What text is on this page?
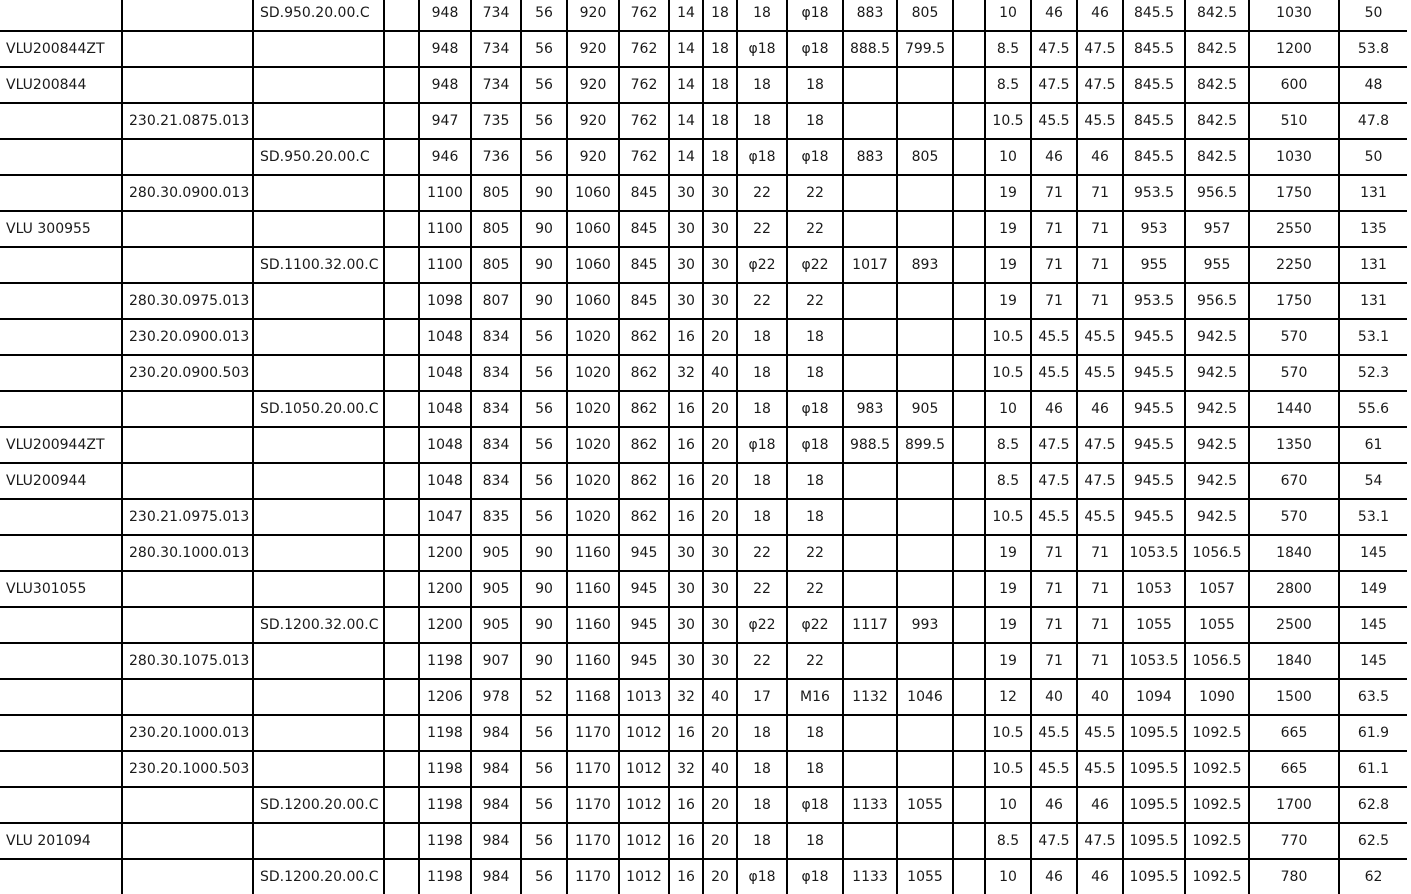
		SD.950.20.00.C		948	734	56	920	762	14	18	18	φ18	883	805		10	46	46	845.5	842.5	1030	50
VLU200844ZT				948	734	56	920	762	14	18	φ18	φ18	888.5	799.5		8.5	47.5	47.5	845.5	842.5	1200	53.8
VLU200844				948	734	56	920	762	14	18	18	18				8.5	47.5	47.5	845.5	842.5	600	48
	230.21.0875.013			947	735	56	920	762	14	18	18	18				10.5	45.5	45.5	845.5	842.5	510	47.8
		SD.950.20.00.C		946	736	56	920	762	14	18	φ18	φ18	883	805		10	46	46	845.5	842.5	1030	50
	280.30.0900.013			1100	805	90	1060	845	30	30	22	22				19	71	71	953.5	956.5	1750	131
VLU 300955				1100	805	90	1060	845	30	30	22	22				19	71	71	953	957	2550	135
		SD.1100.32.00.C		1100	805	90	1060	845	30	30	φ22	φ22	1017	893		19	71	71	955	955	2250	131
	280.30.0975.013			1098	807	90	1060	845	30	30	22	22				19	71	71	953.5	956.5	1750	131
	230.20.0900.013			1048	834	56	1020	862	16	20	18	18				10.5	45.5	45.5	945.5	942.5	570	53.1
	230.20.0900.503			1048	834	56	1020	862	32	40	18	18				10.5	45.5	45.5	945.5	942.5	570	52.3
		SD.1050.20.00.C		1048	834	56	1020	862	16	20	18	φ18	983	905		10	46	46	945.5	942.5	1440	55.6
VLU200944ZT				1048	834	56	1020	862	16	20	φ18	φ18	988.5	899.5		8.5	47.5	47.5	945.5	942.5	1350	61
VLU200944				1048	834	56	1020	862	16	20	18	18				8.5	47.5	47.5	945.5	942.5	670	54
	230.21.0975.013			1047	835	56	1020	862	16	20	18	18				10.5	45.5	45.5	945.5	942.5	570	53.1
	280.30.1000.013			1200	905	90	1160	945	30	30	22	22				19	71	71	1053.5	1056.5	1840	145
VLU301055				1200	905	90	1160	945	30	30	22	22				19	71	71	1053	1057	2800	149
		SD.1200.32.00.C		1200	905	90	1160	945	30	30	φ22	φ22	1117	993		19	71	71	1055	1055	2500	145
	280.30.1075.013			1198	907	90	1160	945	30	30	22	22				19	71	71	1053.5	1056.5	1840	145
				1206	978	52	1168	1013	32	40	17	M16	1132	1046		12	40	40	1094	1090	1500	63.5
	230.20.1000.013			1198	984	56	1170	1012	16	20	18	18				10.5	45.5	45.5	1095.5	1092.5	665	61.9
	230.20.1000.503			1198	984	56	1170	1012	32	40	18	18				10.5	45.5	45.5	1095.5	1092.5	665	61.1
		SD.1200.20.00.C		1198	984	56	1170	1012	16	20	18	φ18	1133	1055		10	46	46	1095.5	1092.5	1700	62.8
VLU 201094				1198	984	56	1170	1012	16	20	18	18				8.5	47.5	47.5	1095.5	1092.5	770	62.5
		SD.1200.20.00.C		1198	984	56	1170	1012	16	20	φ18	φ18	1133	1055		10	46	46	1095.5	1092.5	780	62
